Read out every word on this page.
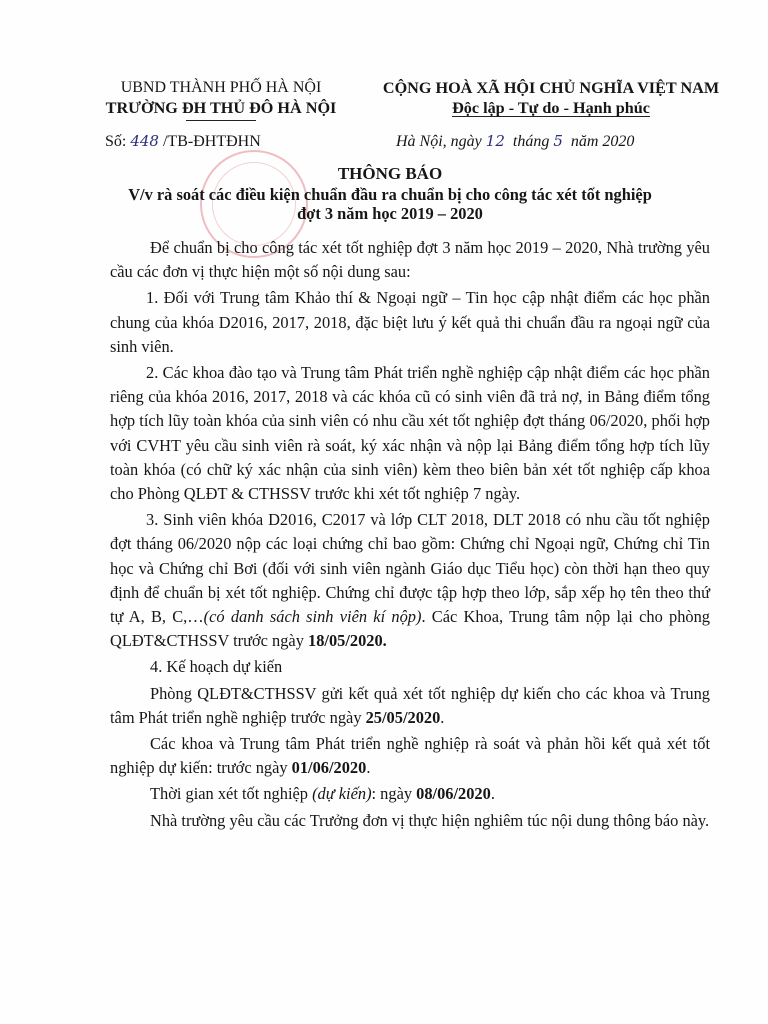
UBND THÀNH PHỐ HÀ NỘI
TRƯỜNG ĐH THỦ ĐÔ HÀ NỘI
CỘNG HOÀ XÃ HỘI CHỦ NGHĨA VIỆT NAM
Độc lập - Tự do - Hạnh phúc
Số: 448 /TB-ĐHTĐHN	Hà Nội, ngày 12  tháng 5  năm 2020
THÔNG BÁO
V/v rà soát các điều kiện chuẩn đầu ra chuẩn bị cho công tác xét tốt nghiệp
đợt 3 năm học 2019 – 2020

Để chuẩn bị cho công tác xét tốt nghiệp đợt 3 năm học 2019 – 2020, Nhà trường yêu cầu các đơn vị thực hiện một số nội dung sau:

1. Đối với Trung tâm Khảo thí & Ngoại ngữ – Tin học cập nhật điểm các học phần chung của khóa D2016, 2017, 2018, đặc biệt lưu ý kết quả thi chuẩn đầu ra ngoại ngữ của sinh viên.

2. Các khoa đào tạo và Trung tâm Phát triển nghề nghiệp cập nhật điểm các học phần riêng của khóa 2016, 2017, 2018 và các khóa cũ có sinh viên đã trả nợ, in Bảng điểm tổng hợp tích lũy toàn khóa của sinh viên có nhu cầu xét tốt nghiệp đợt tháng 06/2020, phối hợp với CVHT yêu cầu sinh viên rà soát, ký xác nhận và nộp lại Bảng điểm tổng hợp tích lũy toàn khóa (có chữ ký xác nhận của sinh viên) kèm theo biên bản xét tốt nghiệp cấp khoa cho Phòng QLĐT & CTHSSV trước khi xét tốt nghiệp 7 ngày.

3. Sinh viên khóa D2016, C2017 và lớp CLT 2018, DLT 2018 có nhu cầu tốt nghiệp đợt tháng 06/2020 nộp các loại chứng chỉ bao gồm: Chứng chỉ Ngoại ngữ, Chứng chỉ Tin học và Chứng chỉ Bơi (đối với sinh viên ngành Giáo dục Tiểu học) còn thời hạn theo quy định để chuẩn bị xét tốt nghiệp. Chứng chỉ được tập hợp theo lớp, sắp xếp họ tên theo thứ tự A, B, C,…(có danh sách sinh viên kí nộp). Các Khoa, Trung tâm nộp lại cho phòng QLĐT&CTHSSV trước ngày 18/05/2020.

4. Kế hoạch dự kiến

Phòng QLĐT&CTHSSV gửi kết quả xét tốt nghiệp dự kiến cho các khoa và Trung tâm Phát triển nghề nghiệp trước ngày 25/05/2020.

Các khoa và Trung tâm Phát triển nghề nghiệp rà soát và phản hồi kết quả xét tốt nghiệp dự kiến: trước ngày 01/06/2020.

Thời gian xét tốt nghiệp (dự kiến): ngày 08/06/2020.

Nhà trường yêu cầu các Trưởng đơn vị thực hiện nghiêm túc nội dung thông báo này.
